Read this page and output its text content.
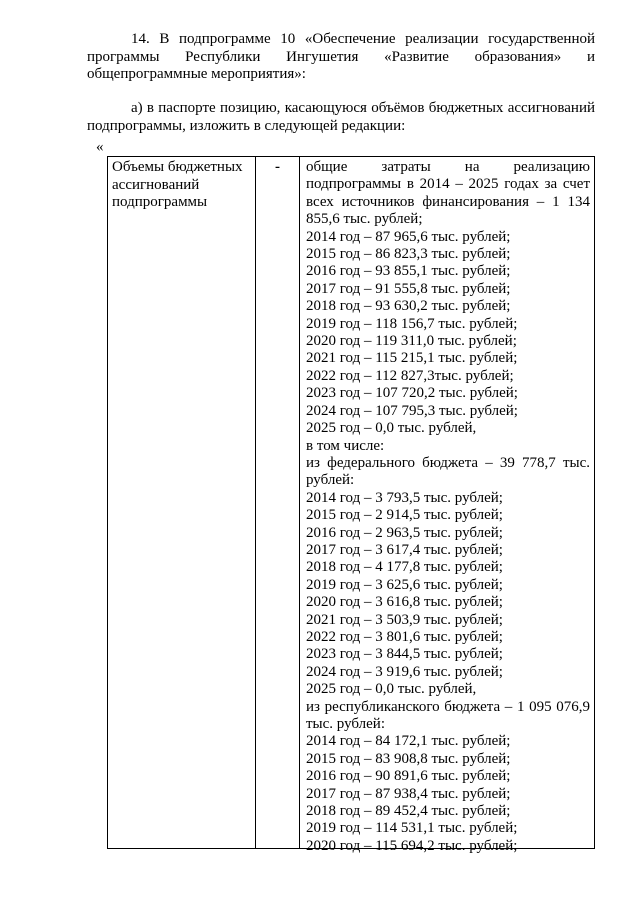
14. В подпрограмме 10 «Обеспечение реализации государственной программы Республики Ингушетия «Развитие образования» и общепрограммные мероприятия»:
а) в паспорте позицию, касающуюся объёмов бюджетных ассигнований подпрограммы, изложить в следующей редакции:
«
Объемы бюджетных ассигнований подпрограммы
-	общие затраты на реализацию подпрограммы в 2014 – 2025 годах за счет всех источников финансирования – 1 134 855,6 тыс. рублей;
2014 год – 87 965,6 тыс. рублей;
2015 год – 86 823,3 тыс. рублей;
2016 год – 93 855,1 тыс. рублей;
2017 год – 91 555,8 тыс. рублей;
2018 год – 93 630,2 тыс. рублей;
2019 год – 118 156,7 тыс. рублей;
2020 год – 119 311,0 тыс. рублей;
2021 год – 115 215,1 тыс. рублей;
2022 год – 112 827,3тыс. рублей;
2023 год – 107 720,2 тыс. рублей;
2024 год – 107 795,3 тыс. рублей;
2025 год – 0,0 тыс. рублей,
в том числе:
из федерального бюджета – 39 778,7 тыс. рублей:
2014 год – 3 793,5 тыс. рублей;
2015 год – 2 914,5 тыс. рублей;
2016 год – 2 963,5 тыс. рублей;
2017 год – 3 617,4 тыс. рублей;
2018 год – 4 177,8 тыс. рублей;
2019 год – 3 625,6 тыс. рублей;
2020 год – 3 616,8 тыс. рублей;
2021 год – 3 503,9 тыс. рублей;
2022 год – 3 801,6 тыс. рублей;
2023 год – 3 844,5 тыс. рублей;
2024 год – 3 919,6 тыс. рублей;
2025 год – 0,0 тыс. рублей,
из республиканского бюджета – 1 095 076,9 тыс. рублей:
2014 год – 84 172,1 тыс. рублей;
2015 год – 83 908,8 тыс. рублей;
2016 год – 90 891,6 тыс. рублей;
2017 год – 87 938,4 тыс. рублей;
2018 год – 89 452,4 тыс. рублей;
2019 год – 114 531,1 тыс. рублей;
2020 год – 115 694,2 тыс. рублей;
